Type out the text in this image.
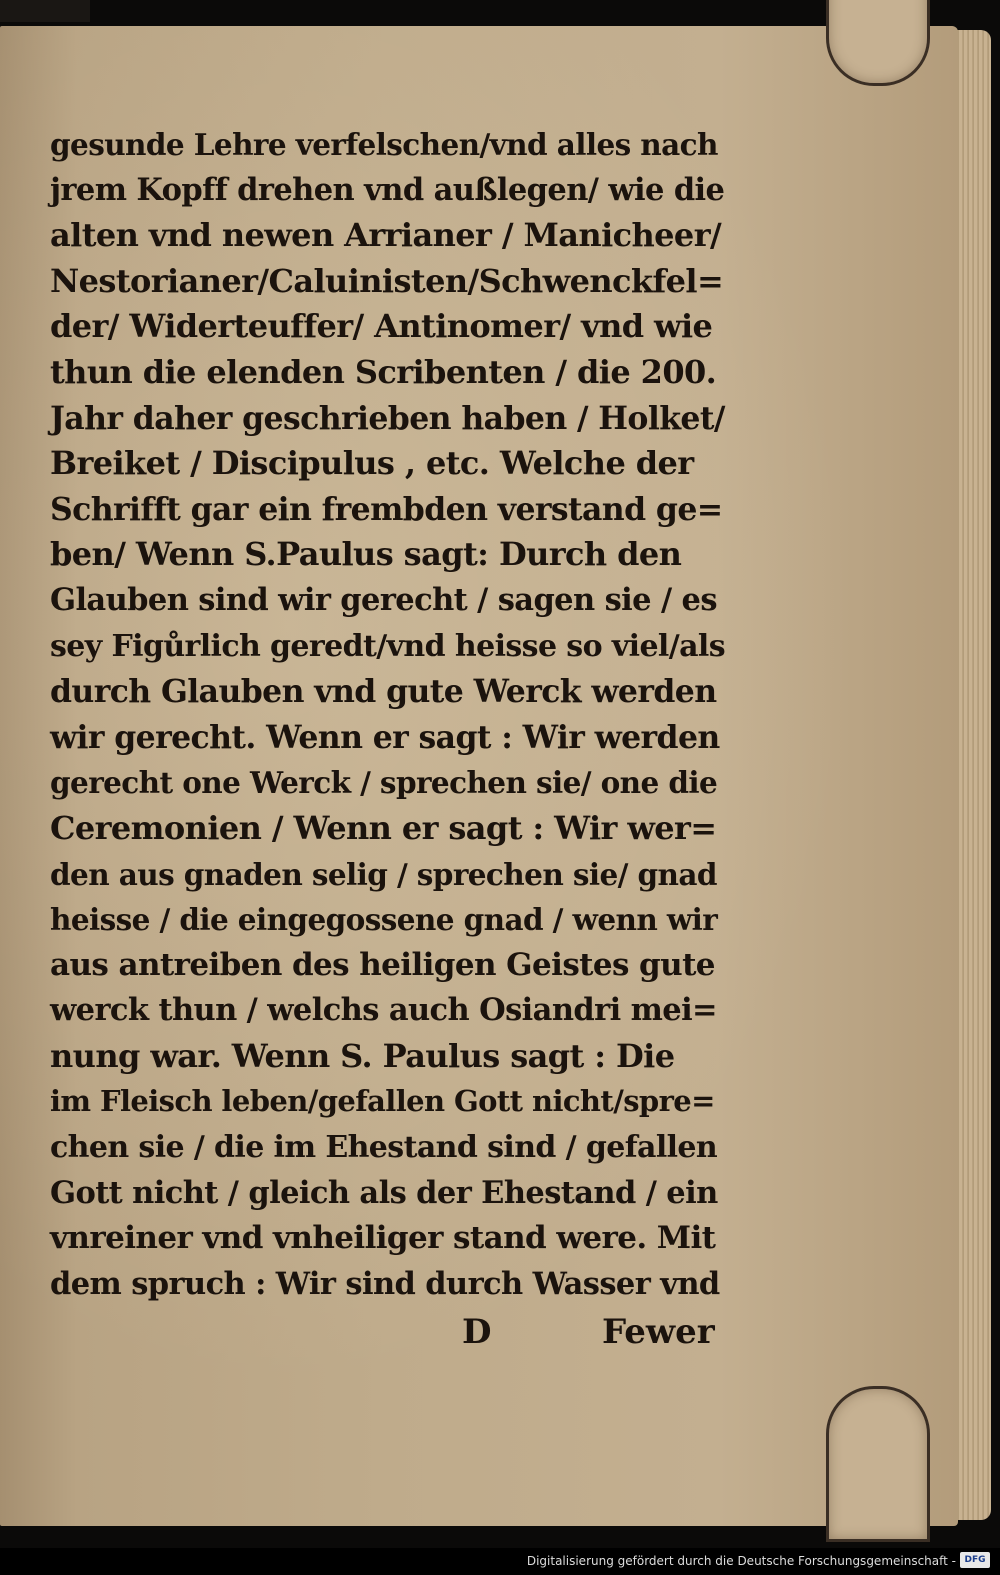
gesunde Lehre verfelschen/vnd alles nach
jrem Kopff drehen vnd außlegen/ wie die
alten vnd newen Arrianer / Manicheer/
Nestorianer/Caluinisten/Schwenckfel=
der/ Widerteuffer/ Antinomer/ vnd wie
thun die elenden Scribenten / die 200.
Jahr daher geschrieben haben / Holket/
Breiket / Discipulus , etc. Welche der
Schrifft gar ein frembden verstand ge=
ben/ Wenn S.Paulus sagt: Durch den
Glauben sind wir gerecht / sagen sie / es
sey Figůrlich geredt/vnd heisse so viel/als
durch Glauben vnd gute Werck werden
wir gerecht. Wenn er sagt : Wir werden
gerecht one Werck / sprechen sie/ one die
Ceremonien / Wenn er sagt : Wir wer=
den aus gnaden selig / sprechen sie/ gnad
heisse / die eingegossene gnad / wenn wir
aus antreiben des heiligen Geistes gute
werck thun / welchs auch Osiandri mei=
nung war. Wenn S. Paulus sagt : Die
im Fleisch leben/gefallen Gott nicht/spre=
chen sie / die im Ehestand sind / gefallen
Gott nicht / gleich als der Ehestand / ein
vnreiner vnd vnheiliger stand were. Mit
dem spruch : Wir sind durch Wasser vnd
D	Fewer
Digitalisierung gefördert durch die Deutsche Forschungsgemeinschaft - DFG
